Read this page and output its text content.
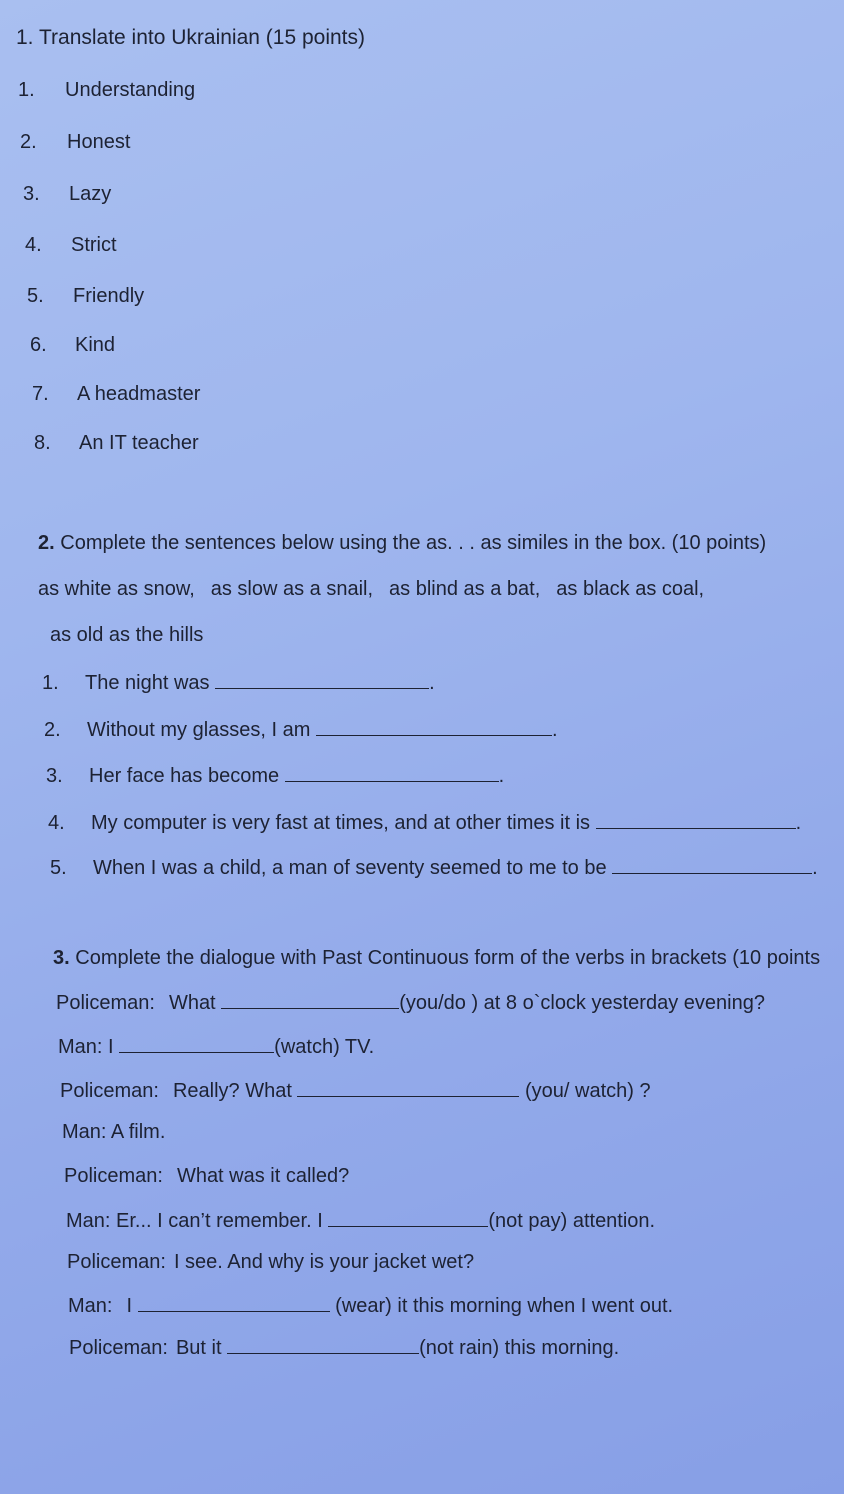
1. Translate into Ukrainian (15 points)
1. Understanding
2. Honest
3. Lazy
4. Strict
5. Friendly
6. Kind
7. A headmaster
8. An IT teacher
2. Complete the sentences below using the as. . . as similes in the box. (10 points)
as white as snow, as slow as a snail, as blind as a bat, as black as coal,
as old as the hills
1. The night was	.
2. Without my glasses, I am	.
3. Her face has become	.
4. My computer is very fast at times, and at other times it is	.
5. When I was a child, a man of seventy seemed to me to be	.
3. Complete the dialogue with Past Continuous form of the verbs in brackets (10 points
Policeman: What	(you/do ) at 8 o`clock yesterday evening?
Man: I	(watch) TV.
Policeman: Really? What	(you/ watch) ?
Man: A film.
Policeman: What was it called?
Man: Er... I can’t remember. I	(not pay) attention.
Policeman: I see. And why is your jacket wet?
Man: I	(wear) it this morning when I went out.
Policeman: But it	(not rain) this morning.
